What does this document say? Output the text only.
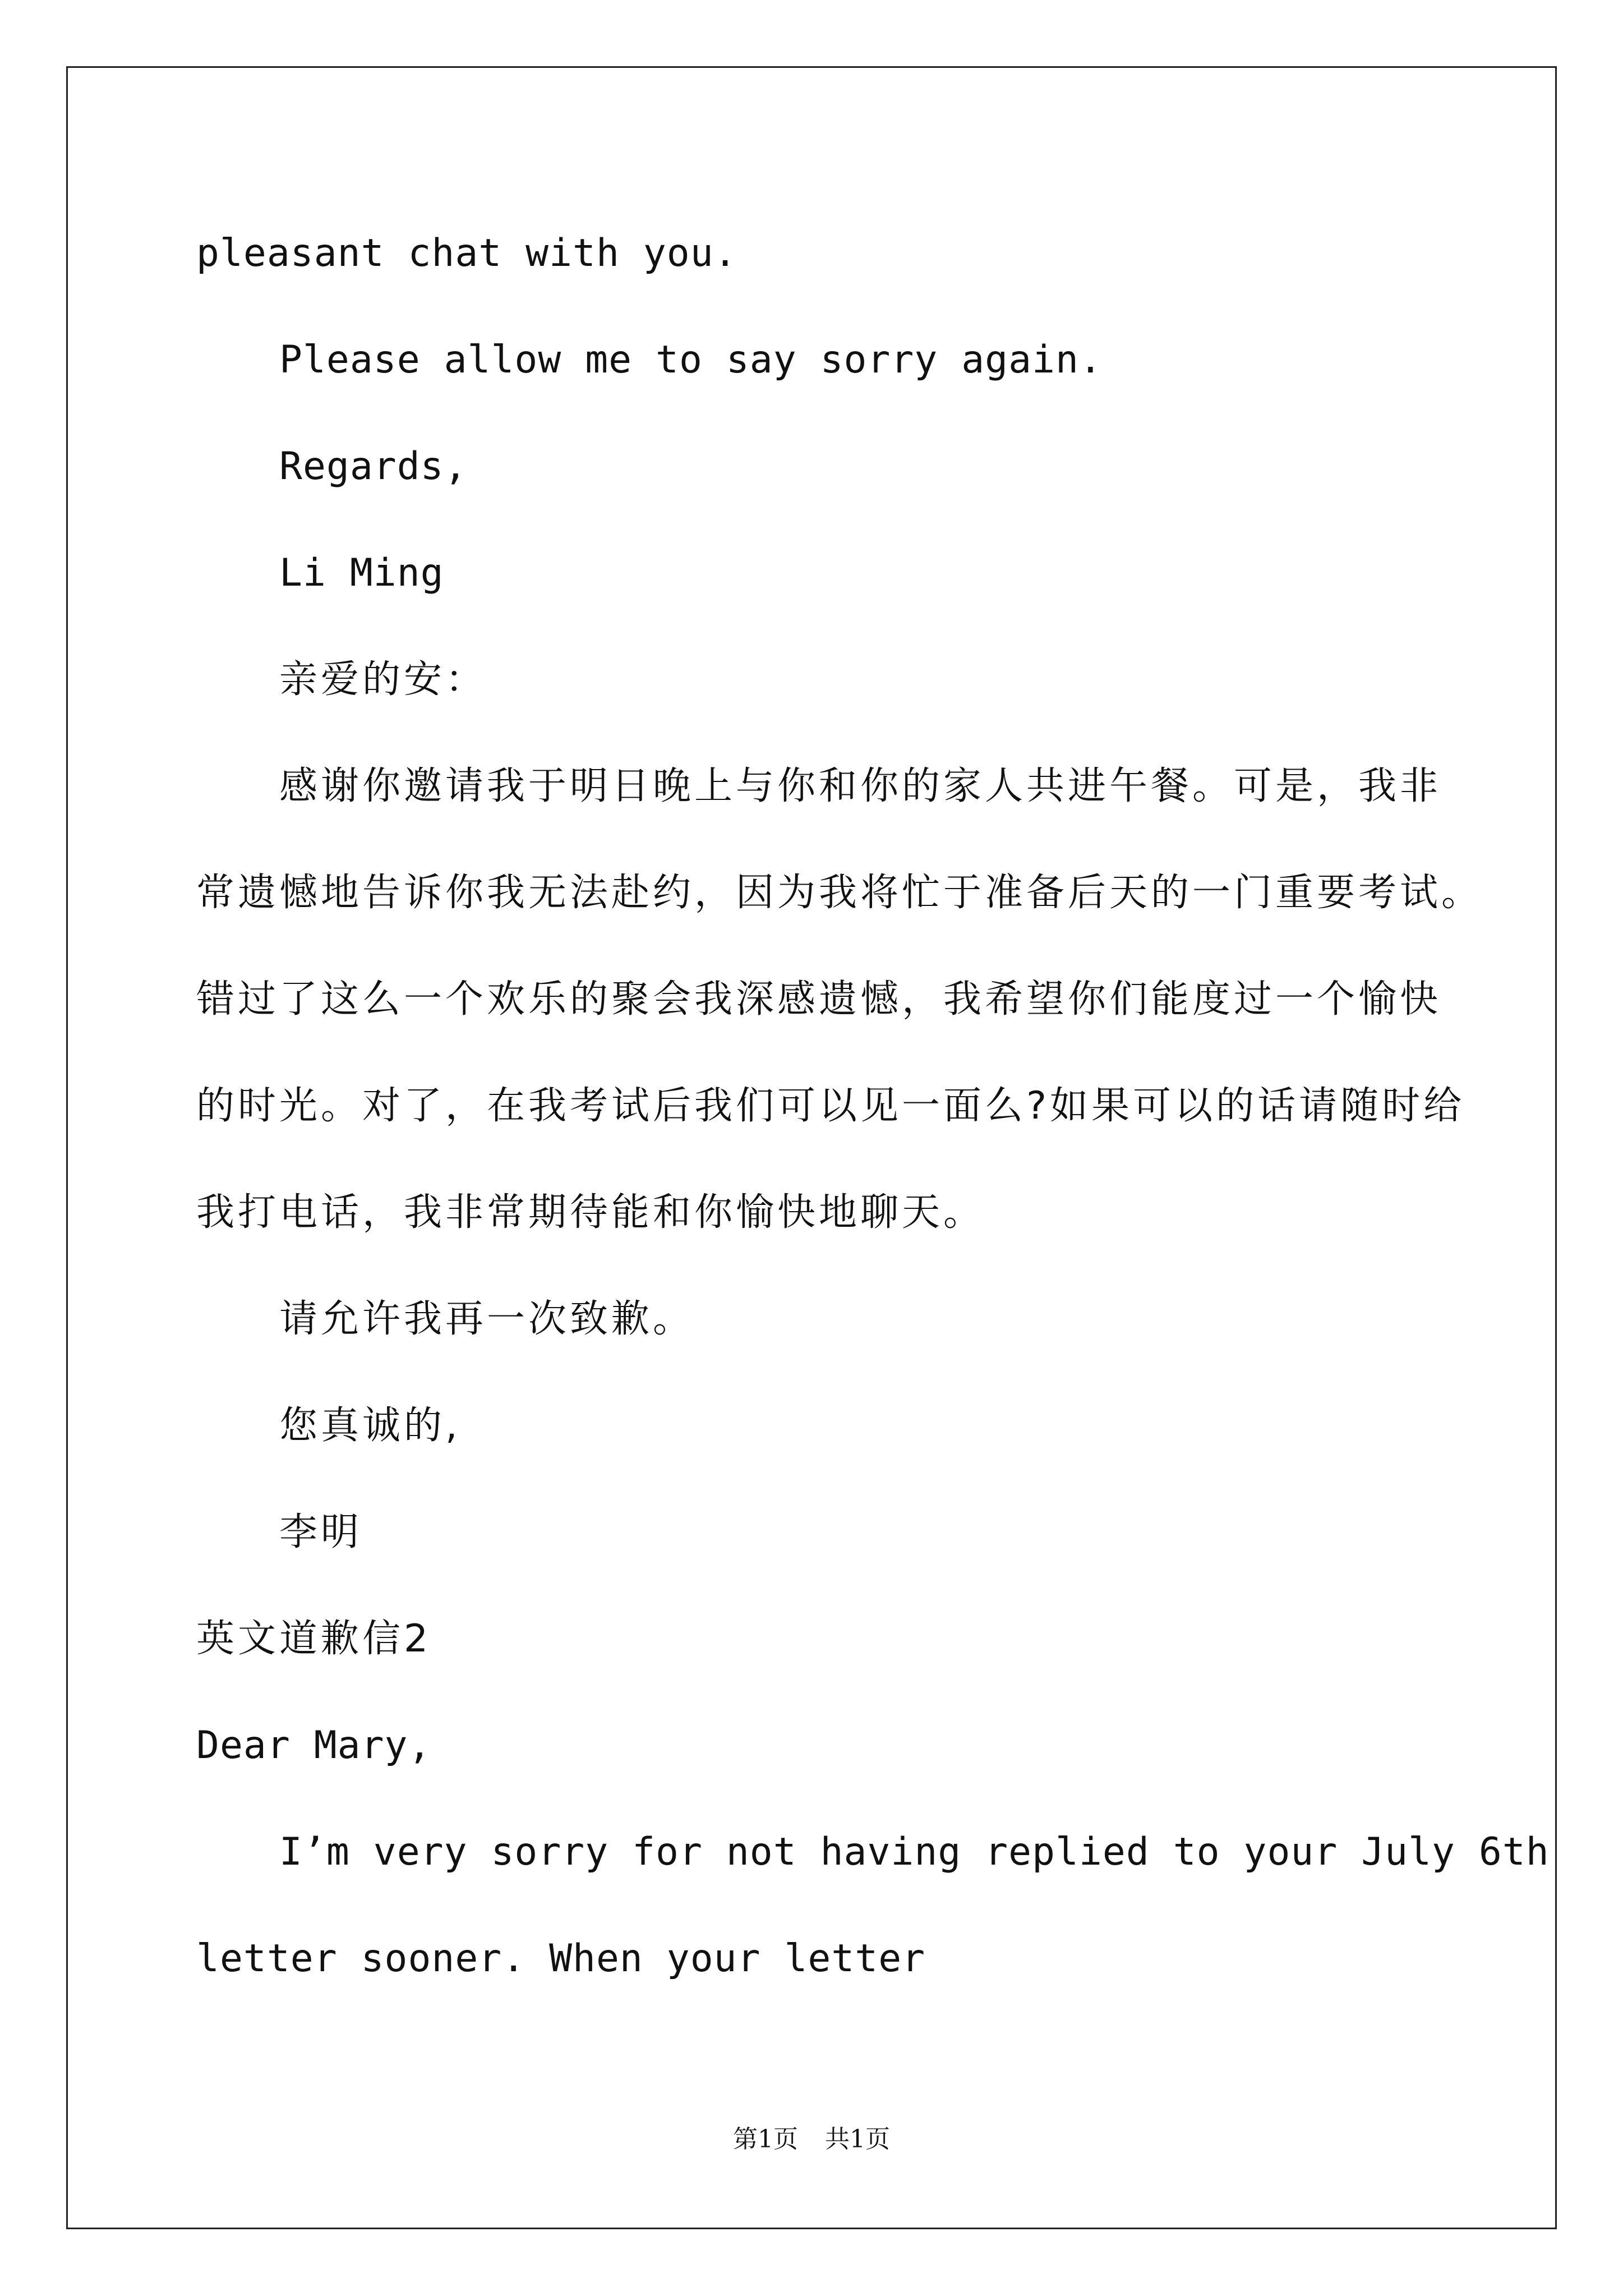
pleasant chat with you.
Please allow me to say sorry again.
Regards,
Li Ming
亲爱的安：
感谢你邀请我于明日晚上与你和你的家人共进午餐。可是，我非
常遗憾地告诉你我无法赴约，因为我将忙于准备后天的一门重要考试。
错过了这么一个欢乐的聚会我深感遗憾，我希望你们能度过一个愉快
的时光。对了，在我考试后我们可以见一面么?如果可以的话请随时给
我打电话，我非常期待能和你愉快地聊天。
请允许我再一次致歉。
您真诚的,
李明
英文道歉信2
Dear Mary,
I’m very sorry for not having replied to your July 6th
letter sooner. When your letter
第1页 共1页
